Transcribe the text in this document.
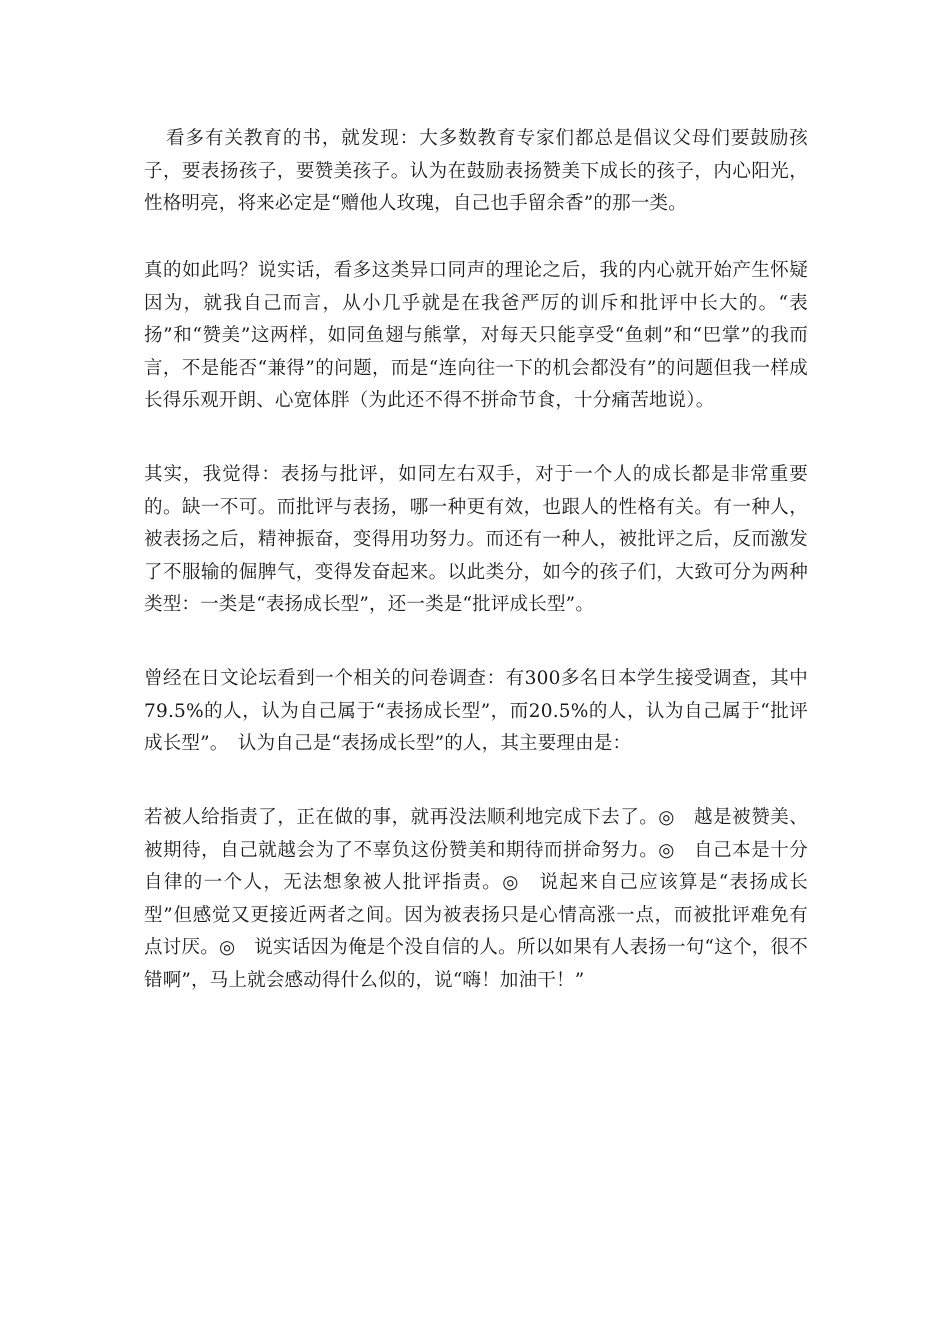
看多有关教育的书，就发现：大多数教育专家们都总是倡议父母们要鼓励孩子，要表扬孩子，要赞美孩子。认为在鼓励表扬赞美下成长的孩子，内心阳光，性格明亮，将来必定是“赠他人玫瑰，自己也手留余香”的那一类。

真的如此吗？说实话，看多这类异口同声的理论之后，我的内心就开始产生怀疑因为，就我自己而言，从小几乎就是在我爸严厉的训斥和批评中长大的。“表扬”和“赞美”这两样，如同鱼翅与熊掌，对每天只能享受“鱼刺”和“巴掌”的我而言，不是能否“兼得”的问题，而是“连向往一下的机会都没有”的问题但我一样成长得乐观开朗、心宽体胖（为此还不得不拼命节食，十分痛苦地说）。

其实，我觉得：表扬与批评，如同左右双手，对于一个人的成长都是非常重要的。缺一不可。而批评与表扬，哪一种更有效，也跟人的性格有关。有一种人，被表扬之后，精神振奋，变得用功努力。而还有一种人，被批评之后，反而激发了不服输的倔脾气，变得发奋起来。以此类分，如今的孩子们，大致可分为两种类型：一类是“表扬成长型”，还一类是“批评成长型”。

曾经在日文论坛看到一个相关的问卷调查：有300多名日本学生接受调查，其中79.5%的人，认为自己属于“表扬成长型”，而20.5%的人，认为自己属于“批评成长型”。　认为自己是“表扬成长型”的人，其主要理由是：

若被人给指责了，正在做的事，就再没法顺利地完成下去了。◎　越是被赞美、被期待，自己就越会为了不辜负这份赞美和期待而拼命努力。◎　自己本是十分自律的一个人，无法想象被人批评指责。◎　说起来自己应该算是“表扬成长型”但感觉又更接近两者之间。因为被表扬只是心情高涨一点，而被批评难免有点讨厌。◎　说实话因为俺是个没自信的人。所以如果有人表扬一句“这个，很不错啊”，马上就会感动得什么似的，说“嗨！加油干！”
